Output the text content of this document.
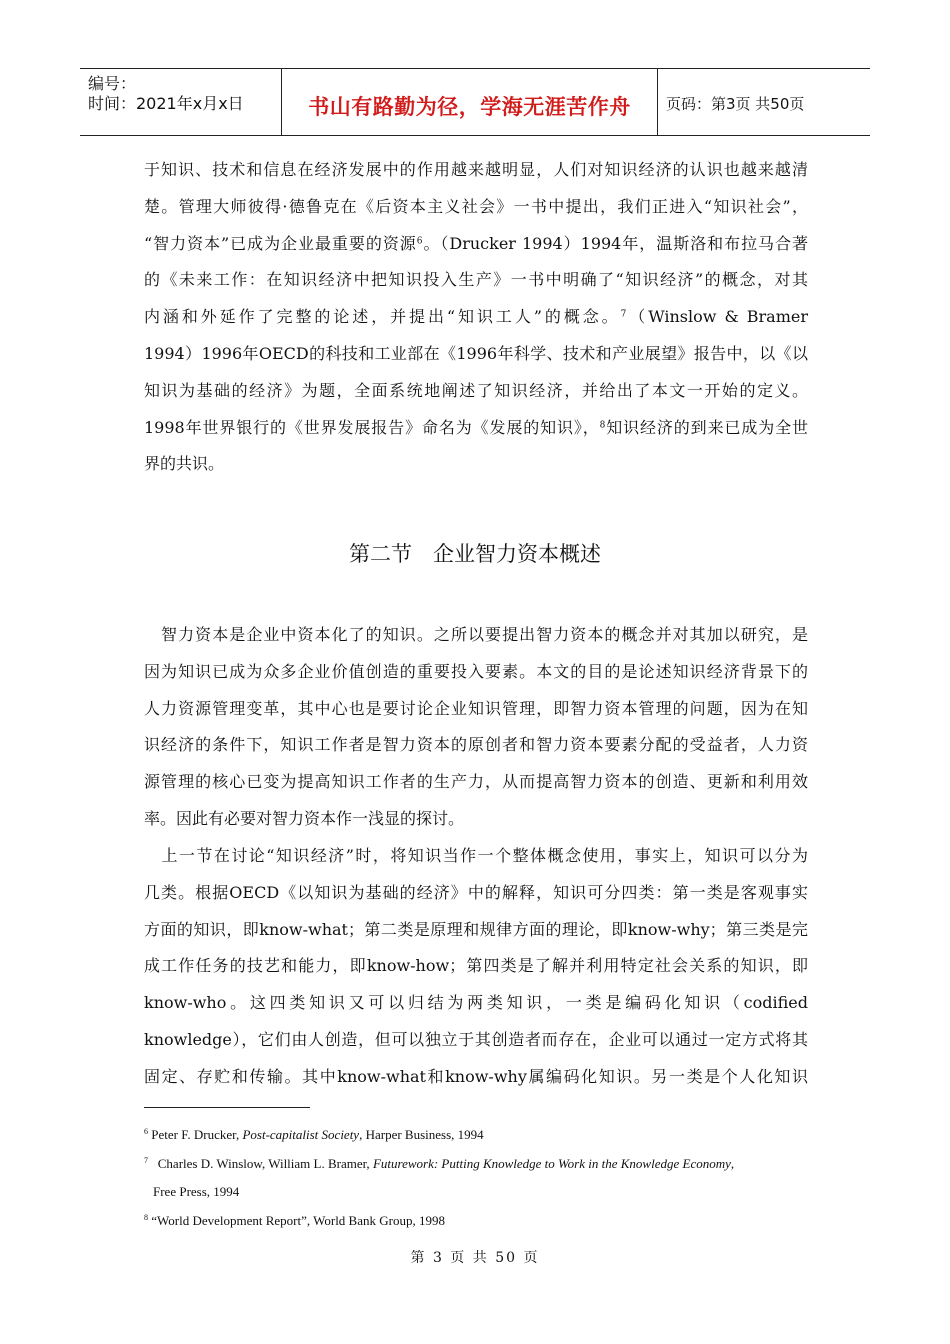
编号：
时间：2021年x月x日	书山有路勤为径，学海无涯苦作舟	页码：第3页 共50页
于知识、技术和信息在经济发展中的作用越来越明显，人们对知识经济的认识也越来越清
楚。管理大师彼得·德鲁克在《后资本主义社会》一书中提出，我们正进入“知识社会”，
“智力资本”已成为企业最重要的资源$^6$。（Drucker 1994）1994年，温斯洛和布拉马合著
的《未来工作：在知识经济中把知识投入生产》一书中明确了“知识经济”的概念，对其
内涵和外延作了完整的论述，并提出“知识工人”的概念。$^7$（Winslow & Bramer
1994）1996年OECD的科技和工业部在《1996年科学、技术和产业展望》报告中，以《以
知识为基础的经济》为题，全面系统地阐述了知识经济，并给出了本文一开始的定义。
1998年世界银行的《世界发展报告》命名为《发展的知识》，$^8$知识经济的到来已成为全世
界的共识。
第二节　企业智力资本概述
　智力资本是企业中资本化了的知识。之所以要提出智力资本的概念并对其加以研究，是
因为知识已成为众多企业价值创造的重要投入要素。本文的目的是论述知识经济背景下的
人力资源管理变革，其中心也是要讨论企业知识管理，即智力资本管理的问题，因为在知
识经济的条件下，知识工作者是智力资本的原创者和智力资本要素分配的受益者，人力资
源管理的核心已变为提高知识工作者的生产力，从而提高智力资本的创造、更新和利用效
率。因此有必要对智力资本作一浅显的探讨。
　上一节在讨论“知识经济”时，将知识当作一个整体概念使用，事实上，知识可以分为
几类。根据OECD《以知识为基础的经济》中的解释，知识可分四类：第一类是客观事实
方面的知识，即know-what；第二类是原理和规律方面的理论，即know-why；第三类是完
成工作任务的技艺和能力，即know-how；第四类是了解并利用特定社会关系的知识，即
know-who。这四类知识又可以归结为两类知识，一类是编码化知识（codified
knowledge），它们由人创造，但可以独立于其创造者而存在，企业可以通过一定方式将其
固定、存贮和传输。其中know-what和know-why属编码化知识。另一类是个人化知识
$^6$ Peter F. Drucker, Post-capitalist Society, Harper Business, 1994
$^7$   Charles D. Winslow, William L. Bramer, Futurework: Putting Knowledge to Work in the Knowledge Economy,
Free Press, 1994
$^8$ “World Development Report”, World Bank Group, 1998
第 3 页 共 50 页
